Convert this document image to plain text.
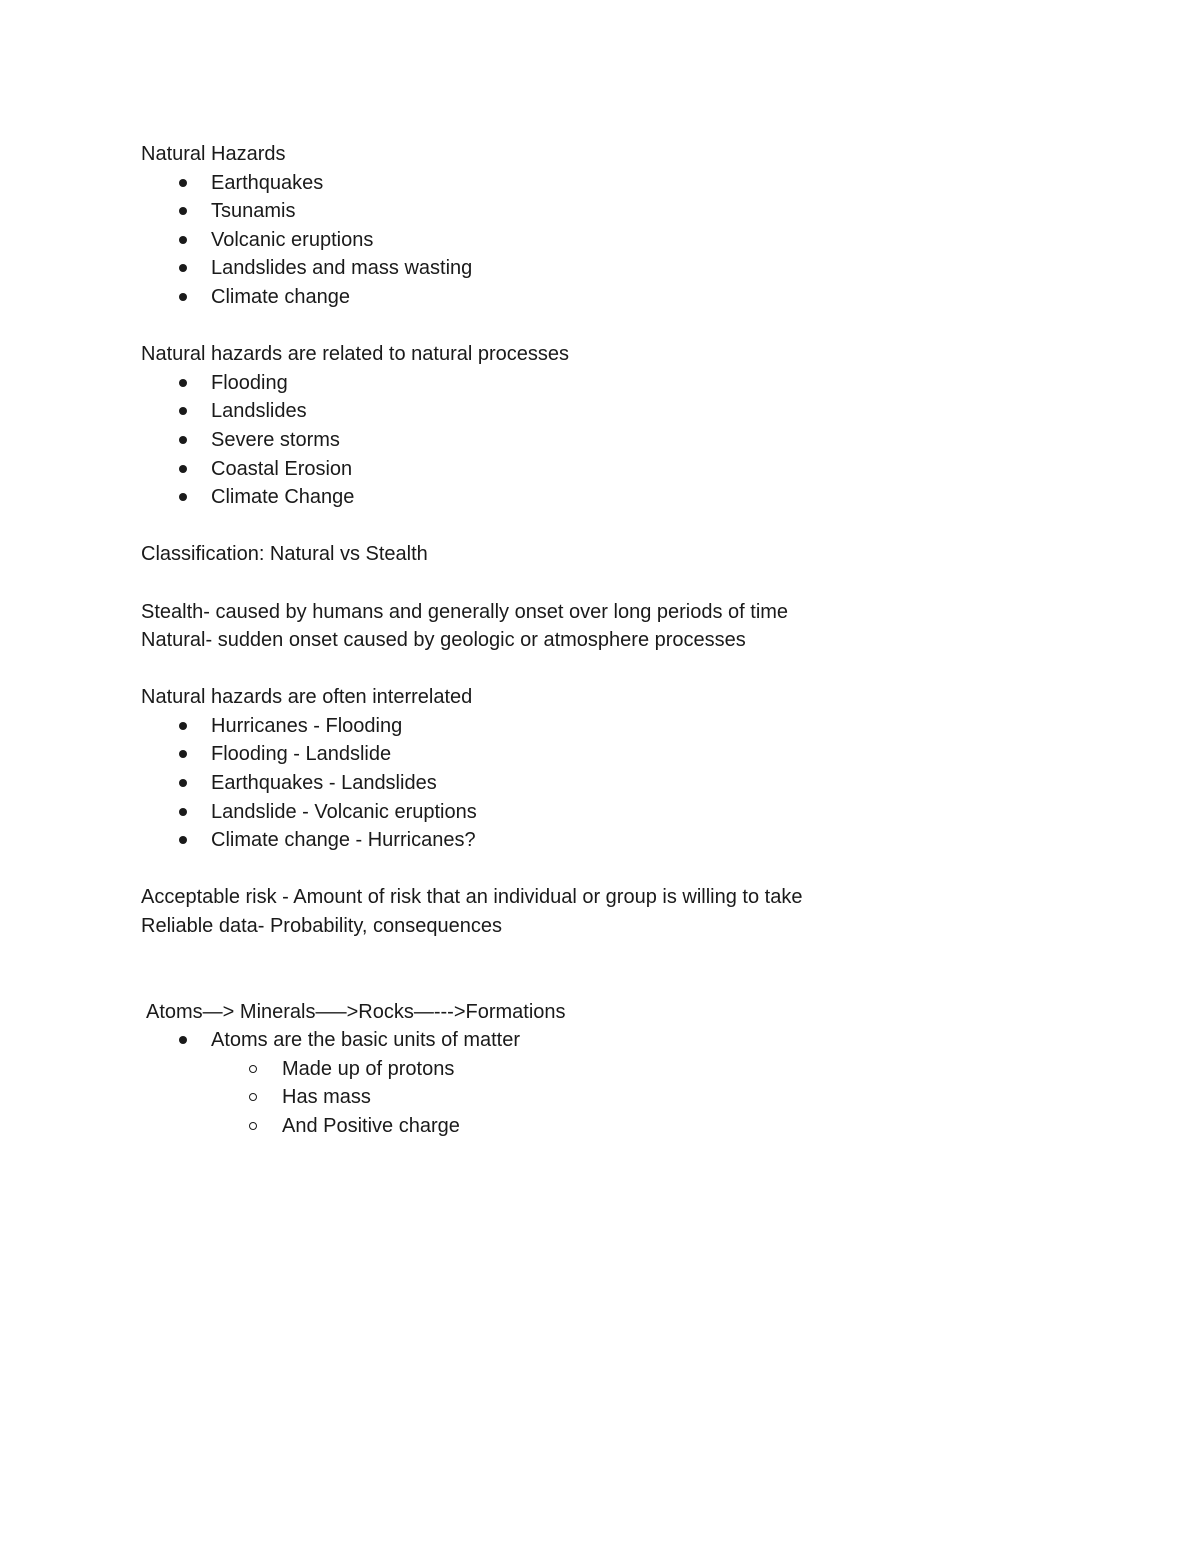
Natural Hazards
Earthquakes
Tsunamis
Volcanic eruptions
Landslides and mass wasting
Climate change
Natural hazards are related to natural processes
Flooding
Landslides
Severe storms
Coastal Erosion
Climate Change
Classification: Natural vs Stealth
Stealth- caused by humans and generally onset over long periods of time
Natural- sudden onset caused by geologic or atmosphere processes
Natural hazards are often interrelated
Hurricanes - Flooding
Flooding - Landslide
Earthquakes - Landslides
Landslide - Volcanic eruptions
Climate change - Hurricanes?
Acceptable risk - Amount of risk that an individual or group is willing to take
Reliable data- Probability, consequences
Atoms—> Minerals—–>Rocks—--->Formations
Atoms are the basic units of matter
Made up of protons
Has mass
And Positive charge
